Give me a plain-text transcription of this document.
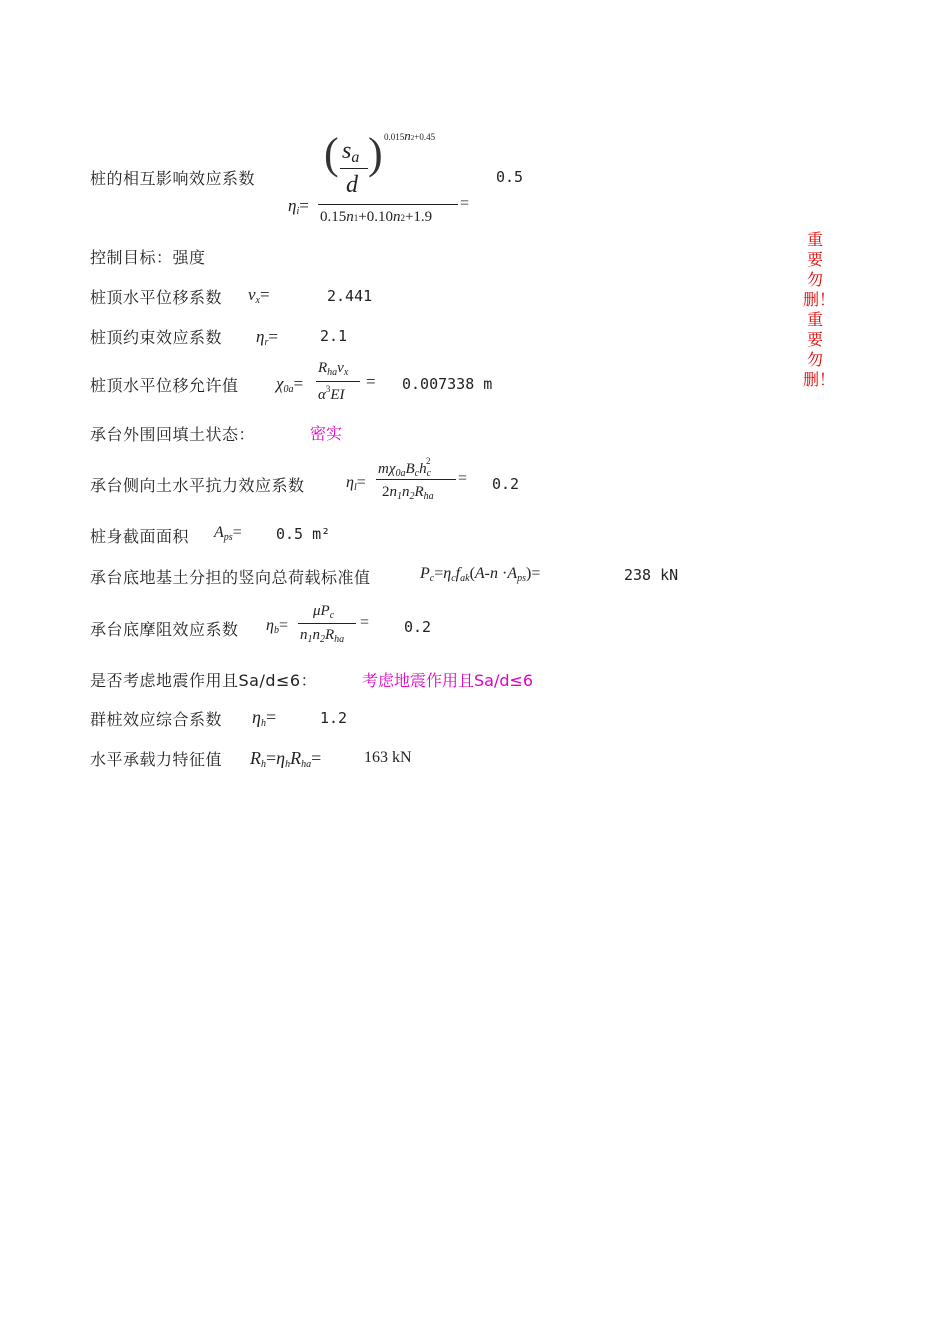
桩的相互影响效应系数
$\eta_i=$
( sa
d
) 0.015n2+0.45
0.15n1+0.10n2+1.9
=
0.5
控制目标：强度
桩顶水平位移系数 $\nu_x=$	2.441
桩顶约束效应系数 $\eta_r=$	2.1
桩顶水平位移允许值 $\chi_{0a}=$
$R_{ha}\nu_x$
$\alpha^3EI$
= 0.007338 m
承台外围回填土状态：	密实
承台侧向土水平抗力效应系数	$\eta_l=$
$m\chi_{0a}B_ch_c^2$
$2n_1n_2R_{ha}$
= 0.2
桩身截面面积 $A_{ps}= 0.5$ m²
承台底地基土分担的竖向总荷载标准值	$P_c=\eta_cf_{ak}(A-n \cdot A_{ps})=$	238 kN
承台底摩阻效应系数 $\eta_b=$
$\mu P_c$
$n_1n_2R_{ha}$
= 0.2
是否考虑地震作用且Sa/d≤6：	考虑地震作用且Sa/d≤6
群桩效应综合系数 $\eta_h=$	1.2
水平承载力特征值 $R_h=\eta_hR_{ha}=$	163 kN
重要勿删！重要勿删！
